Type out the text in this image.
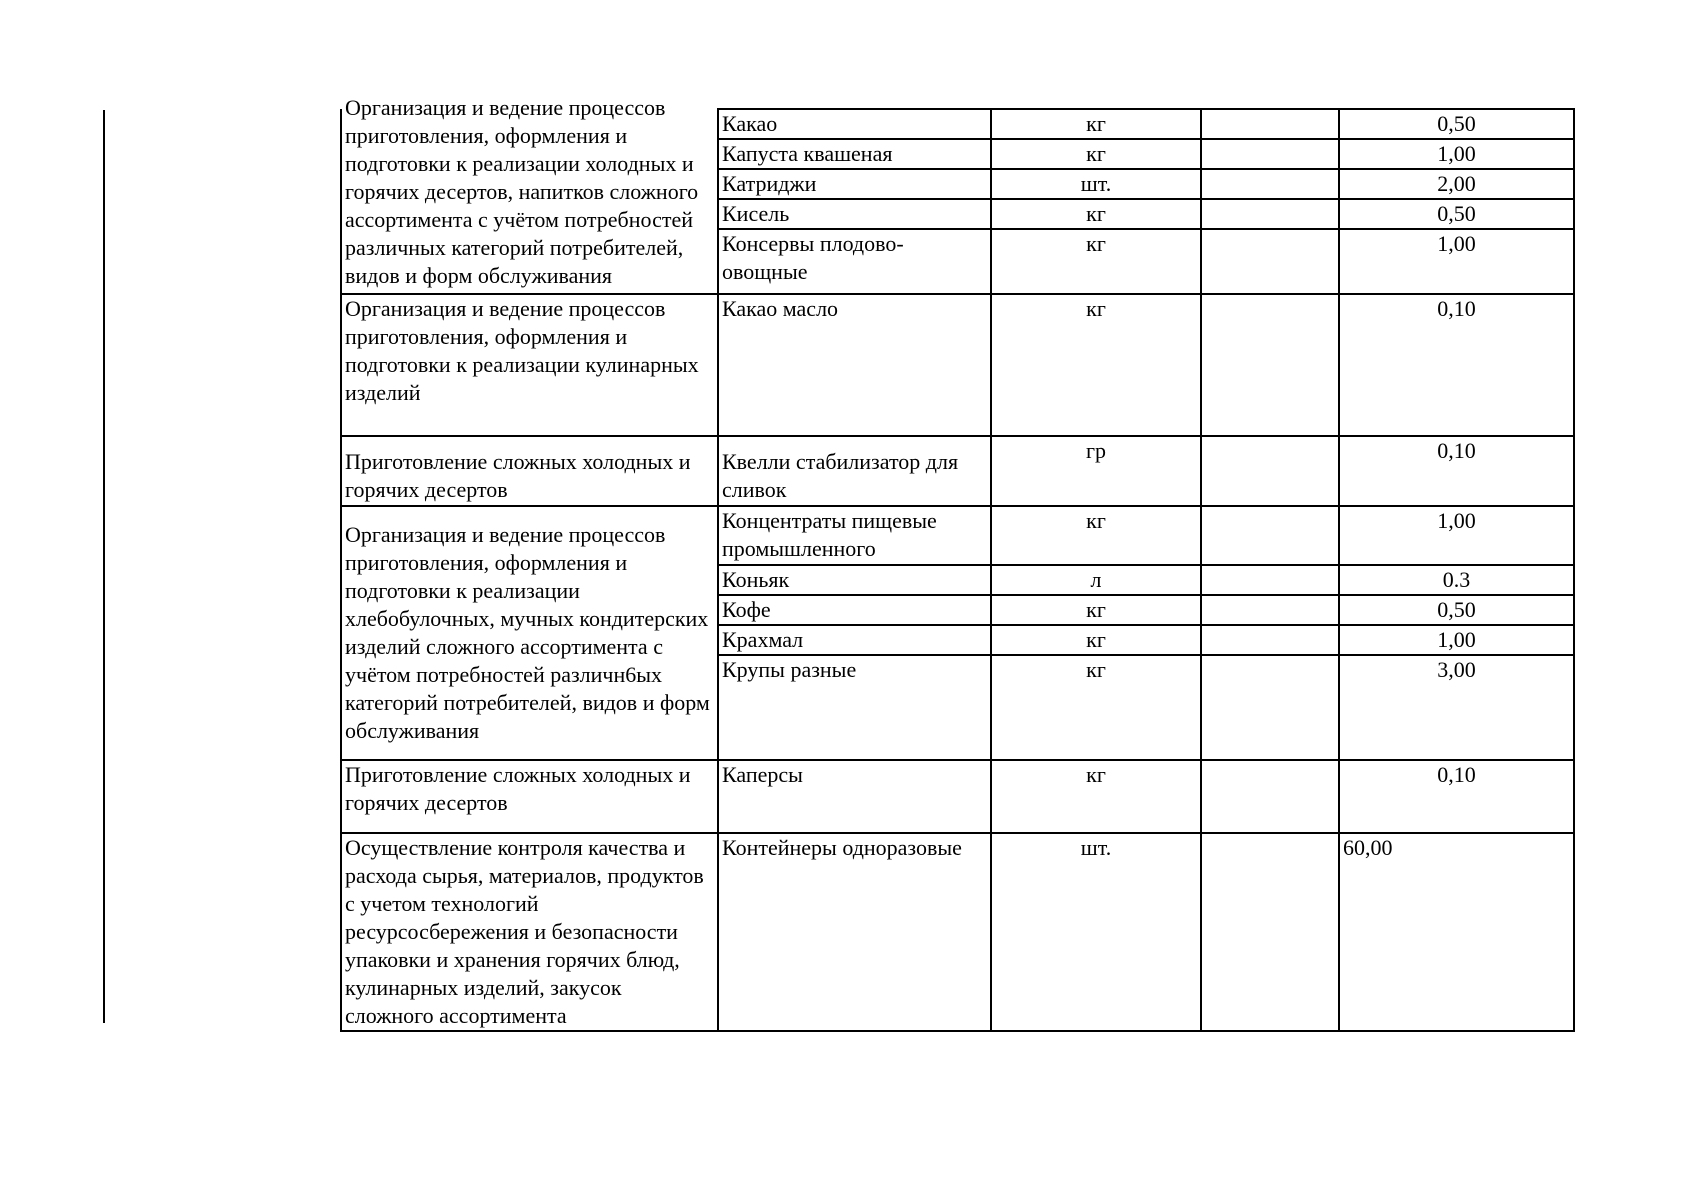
Организация и ведение процессов приготовления, оформления и подготовки к реализации холодных и горячих десертов, напитков сложного ассортимента с учётом потребностей различных категорий потребителей, видов и форм обслуживания	Какао	кг		0,50
	Капуста квашеная	кг		1,00
	Катриджи	шт.		2,00
	Кисель	кг		0,50
	Консервы плодово-овощные	кг		1,00
Организация и ведение процессов приготовления, оформления и подготовки к реализации кулинарных изделий	Какао масло	кг		0,10
Приготовление сложных холодных и горячих десертов	Квелли стабилизатор для сливок	гр		0,10
Организация и ведение процессов приготовления, оформления и подготовки к реализации хлебобулочных, мучных кондитерских изделий сложного ассортимента с учётом потребностей различн6ых категорий потребителей, видов и форм обслуживания	Концентраты пищевые промышленного	кг		1,00
	Коньяк	л		0.3
	Кофе	кг		0,50
	Крахмал	кг		1,00
	Крупы разные	кг		3,00
Приготовление сложных холодных и горячих десертов	Каперсы	кг		0,10
Осуществление контроля качества и расхода сырья, материалов, продуктов с учетом технологий ресурсосбережения и безопасности упаковки и хранения горячих блюд, кулинарных изделий, закусок сложного ассортимента	Контейнеры одноразовые	шт.		60,00
